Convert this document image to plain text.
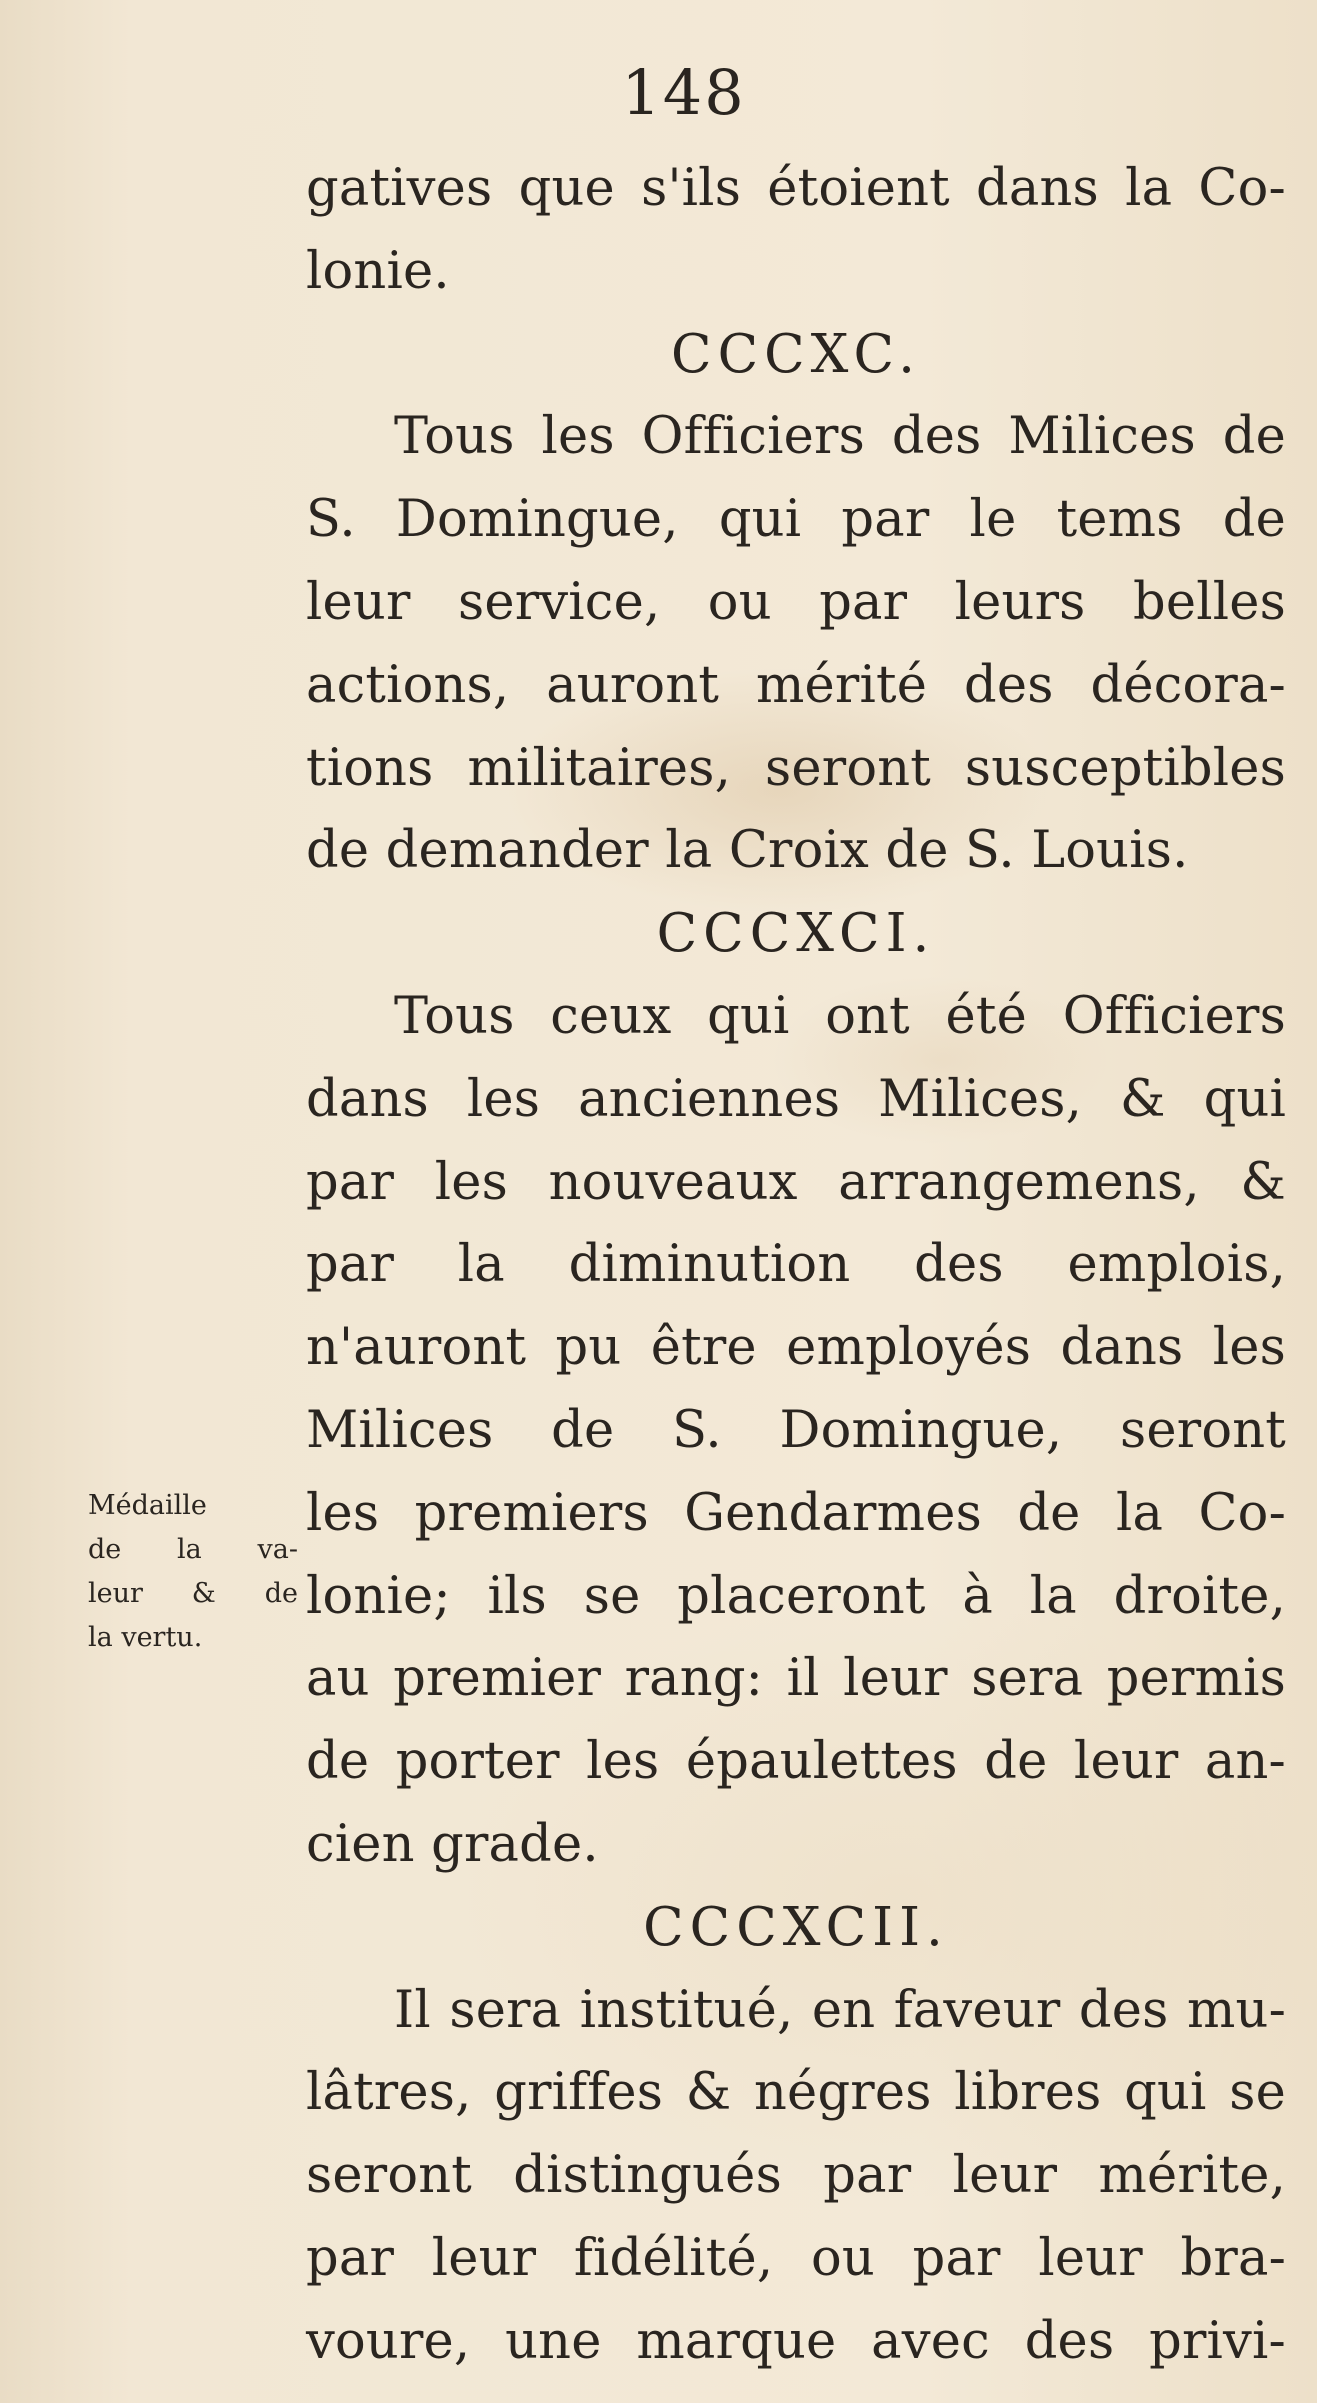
148
Médaille
de la va-
leur & de
la vertu.

gatives que s'ils étoient dans la Co-

lonie.

CCCXC.

Tous les Officiers des Milices de

S. Domingue, qui par le tems de

leur service, ou par leurs belles

actions, auront mérité des décora-

tions militaires, seront susceptibles

de demander la Croix de S. Louis.

CCCXCI.

Tous ceux qui ont été Officiers

dans les anciennes Milices, & qui

par les nouveaux arrangemens, &

par la diminution des emplois,

n'auront pu être employés dans les

Milices de S. Domingue, seront

les premiers Gendarmes de la Co-

lonie; ils se placeront à la droite,

au premier rang: il leur sera permis

de porter les épaulettes de leur an-

cien grade.

CCCXCII.

Il sera institué, en faveur des mu-

lâtres, griffes & négres libres qui se

seront distingués par leur mérite,

par leur fidélité, ou par leur bra-

voure, une marque avec des privi-
